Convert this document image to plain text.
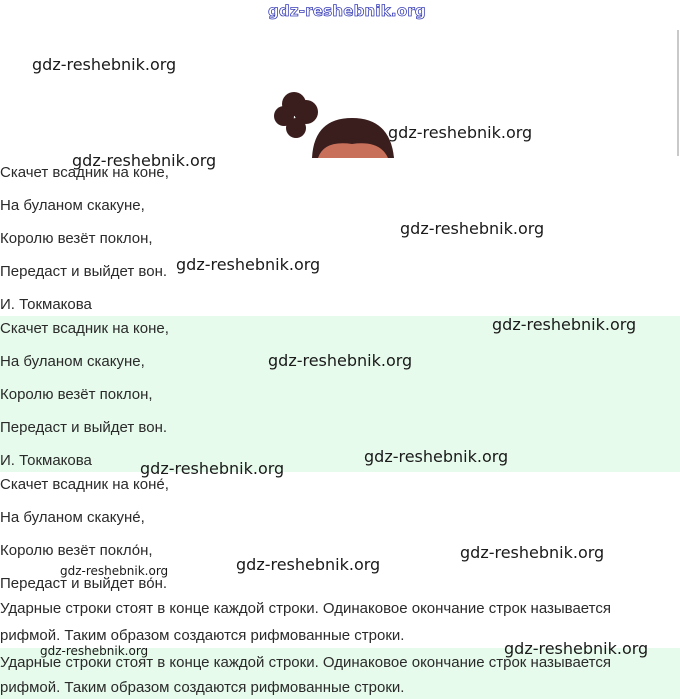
Скачет всадник на коне,
На буланом скакуне,
Королю везёт поклон,
Передаст и выйдет вон.
И. Токмакова
Скачет всадник на коне,
На буланом скакуне,
Королю везёт поклон,
Передаст и выйдет вон.
И. Токмакова
Скачет всадник на коне́,
На буланом скакуне́,
Королю везёт покло́н,
Передаст и выйдет во́н.
Ударные строки стоят в конце каждой строки. Одинаковое окончание строк называется
рифмой. Таким образом создаются рифмованные строки.
Ударные строки стоят в конце каждой строки. Одинаковое окончание строк называется
рифмой. Таким образом создаются рифмованные строки.
gdz-reshebnik.org
gdz-reshebnik.org
gdz-reshebnik.org
gdz-reshebnik.org
gdz-reshebnik.org
gdz-reshebnik.org
gdz-reshebnik.org
gdz-reshebnik.org
gdz-reshebnik.org
gdz-reshebnik.org
gdz-reshebnik.org
gdz-reshebnik.org
gdz-reshebnik.org
gdz-reshebnik.org	gdz-reshebnik.org
